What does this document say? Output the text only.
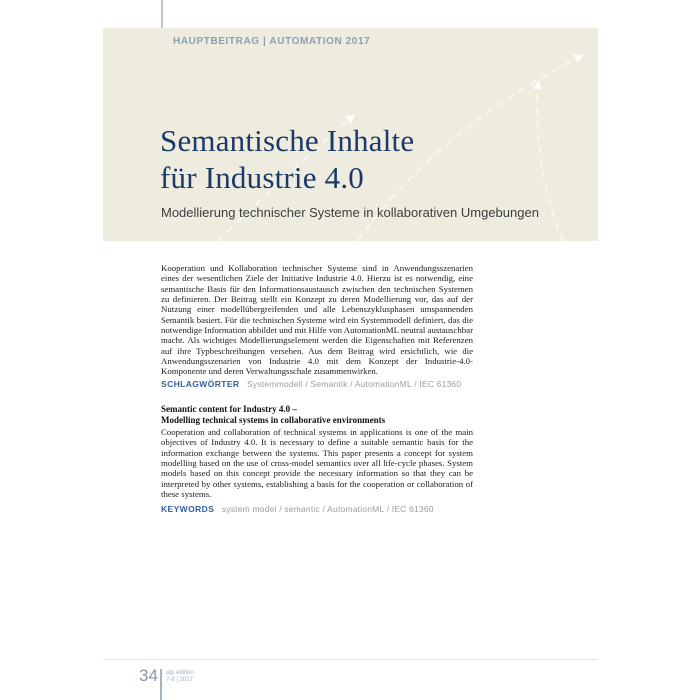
HAUPTBEITRAG | AUTOMATION 2017
Semantische Inhalte
für Industrie 4.0
Modellierung technischer Systeme in kollaborativen Umgebungen
Kooperation und Kollaboration technischer Systeme sind in Anwendungsszenarien eines der wesentlichen Ziele der Initiative Industrie 4.0. Hierzu ist es notwendig, eine semantische Basis für den Informationsaustausch zwischen den technischen Systemen zu definieren. Der Beitrag stellt ein Konzept zu deren Modellierung vor, das auf der Nutzung einer modellübergreifenden und alle Lebenszyklusphasen umspannenden Semantik basiert. Für die technischen Systeme wird ein Systemmodell definiert, das die notwendige Information abbildet und mit Hilfe von AutomationML neutral austauschbar macht. Als wichtiges Modellierungselement werden die Eigenschaften mit Referenzen auf ihre Typbeschreibungen versehen. Aus dem Beitrag wird ersichtlich, wie die Anwendungsszenarien von Industrie 4.0 mit dem Konzept der Industrie-4.0-Komponente und deren Verwaltungsschale zusammenwirken.
SCHLAGWÖRTER Systemmodell / Semantik / AutomationML / IEC 61360
Semantic content for Industry 4.0 –
Modelling technical systems in collaborative environments
Cooperation and collaboration of technical systems in applications is one of the main objectives of Industry 4.0. It is necessary to define a suitable semantic basis for the information exchange between the systems. This paper presents a concept for system modelling based on the use of cross-model semantics over all life-cycle phases. System models based on this concept provide the necessary information so that they can be interpreted by other systems, establishing a basis for the cooperation or collaboration of these systems.
KEYWORDS system model / semantic / AutomationML / IEC 61360
34 atp edition
7-8 | 2017
